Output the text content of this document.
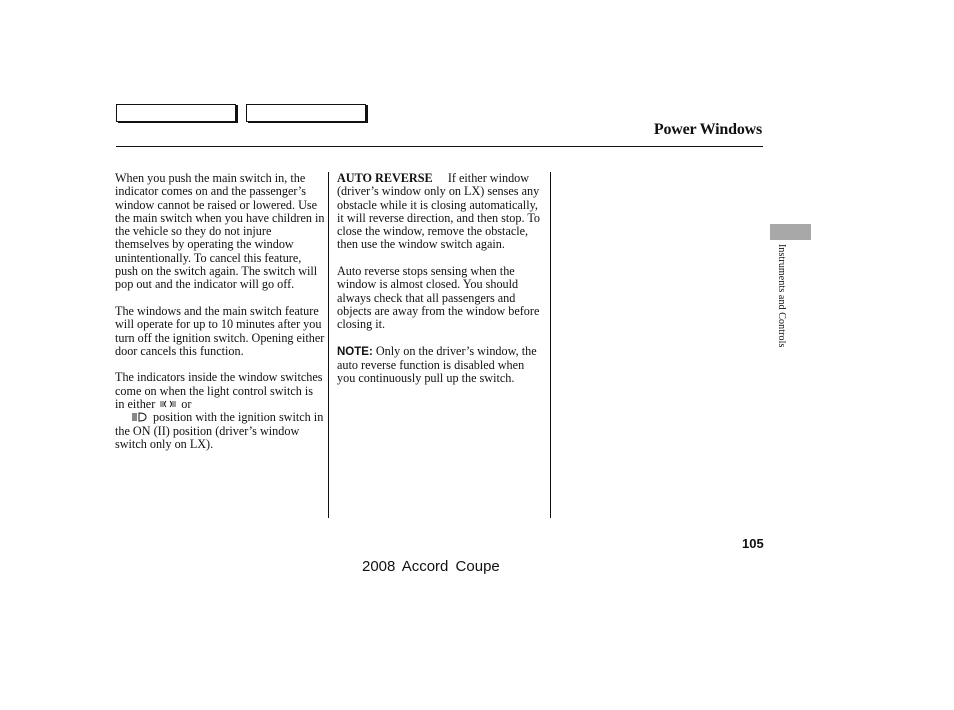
Power Windows

When you push the main switch in, the indicator comes on and the passenger’s window cannot be raised or lowered. Use the main switch when you have children in the vehicle so they do not injure themselves by operating the window unintentionally. To cancel this feature, push on the switch again. The switch will pop out and the indicator will go off.

The windows and the main switch feature will operate for up to 10 minutes after you turn off the ignition switch. Opening either door cancels this function.

The indicators inside the window switches come on when the light control switch is in either or
position with the ignition switch in the ON (II) position (driver’s window switch only on LX).

AUTO REVERSE If either window (driver’s window only on LX) senses any obstacle while it is closing automatically, it will reverse direction, and then stop. To close the window, remove the obstacle, then use the window switch again.

Auto reverse stops sensing when the window is almost closed. You should always check that all passengers and objects are away from the window before closing it.

NOTE: Only on the driver’s window, the auto reverse function is disabled when you continuously pull up the switch.

Instruments and Controls
105
2008 Accord Coupe
